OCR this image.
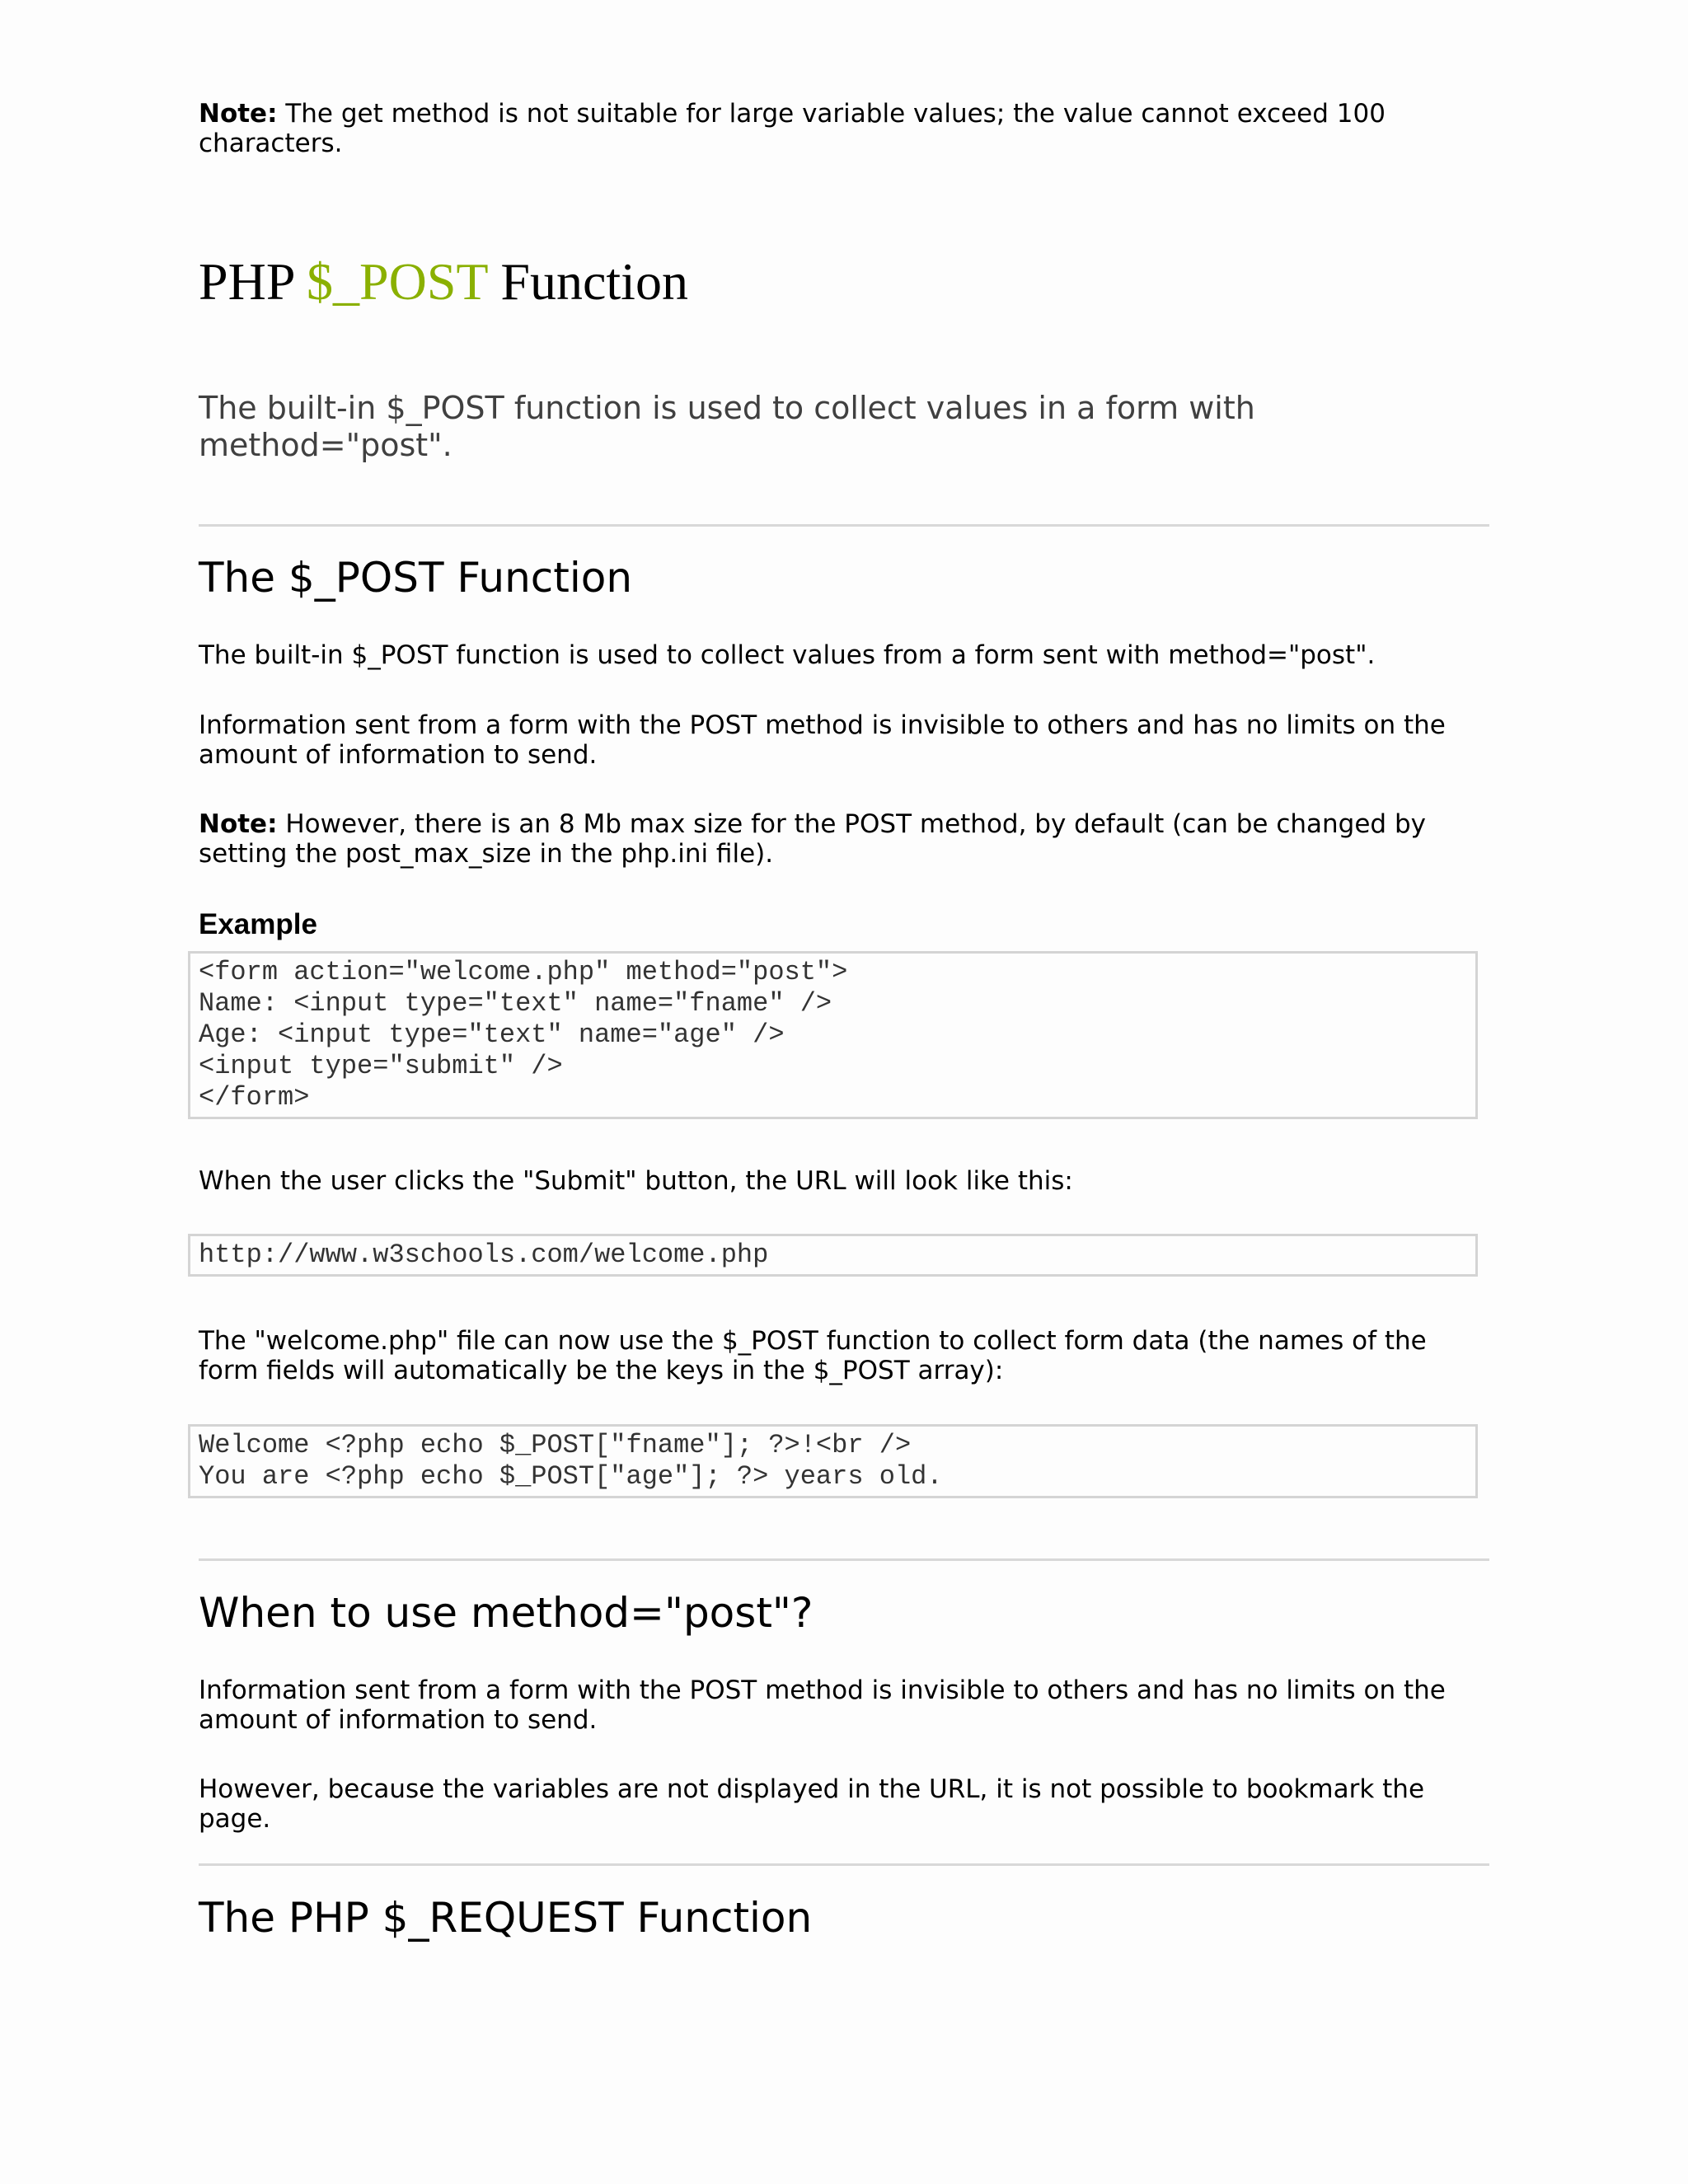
Note: The get method is not suitable for large variable values; the value cannot exceed 100 characters.

PHP $_POST Function

The built-in $_POST function is used to collect values in a form with method="post".

The $_POST Function

The built-in $_POST function is used to collect values from a form sent with method="post".

Information sent from a form with the POST method is invisible to others and has no limits on the amount of information to send.

Note: However, there is an 8 Mb max size for the POST method, by default (can be changed by setting the post_max_size in the php.ini file).

Example
<form action="welcome.php" method="post">
Name: <input type="text" name="fname" />
Age: <input type="text" name="age" />
<input type="submit" />
</form>

When the user clicks the "Submit" button, the URL will look like this:

http://www.w3schools.com/welcome.php

The "welcome.php" file can now use the $_POST function to collect form data (the names of the form fields will automatically be the keys in the $_POST array):

Welcome <?php echo $_POST["fname"]; ?>!<br />
You are <?php echo $_POST["age"]; ?> years old.
When to use method="post"?

Information sent from a form with the POST method is invisible to others and has no limits on the amount of information to send.

However, because the variables are not displayed in the URL, it is not possible to bookmark the page.

The PHP $_REQUEST Function
